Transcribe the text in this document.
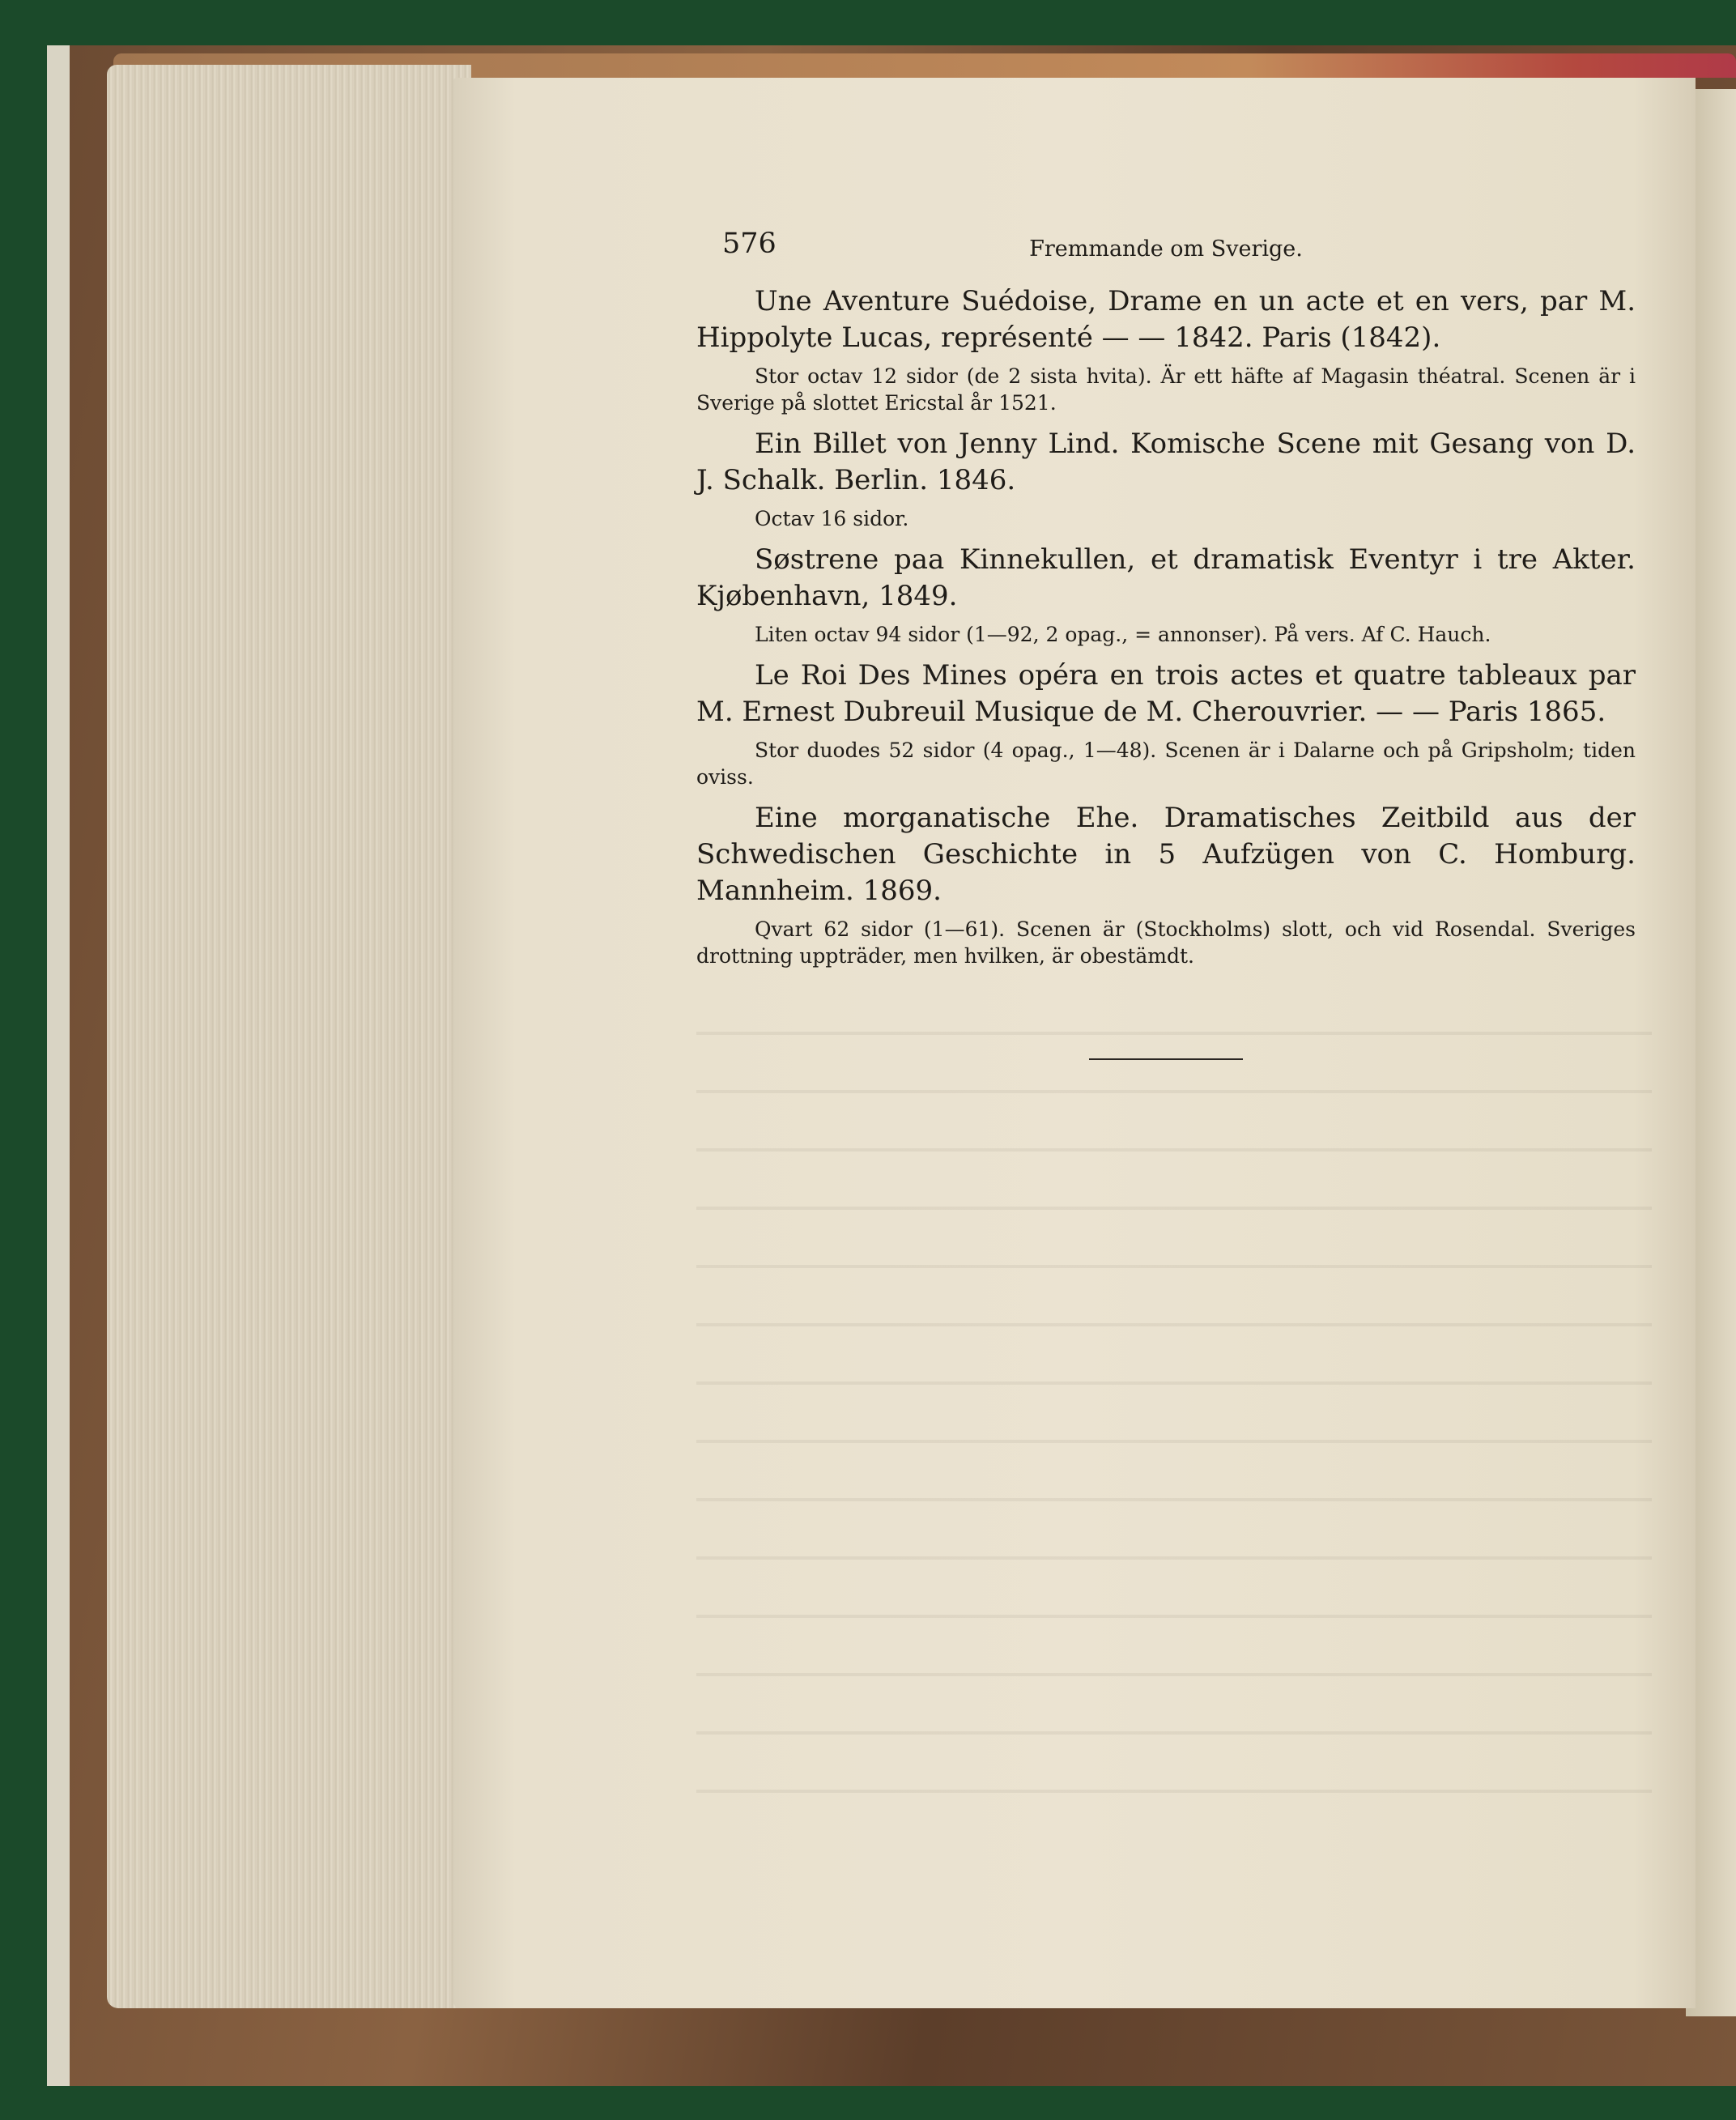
576	Fremmande om Sverige.
Une Aventure Suédoise, Drame en un acte et en vers, par M. Hippolyte Lucas, représenté — — 1842. Paris (1842).
Stor octav 12 sidor (de 2 sista hvita). Är ett häfte af Magasin théatral. Scenen är i Sverige på slottet Ericstal år 1521.
Ein Billet von Jenny Lind. Komische Scene mit Gesang von D. J. Schalk. Berlin. 1846.
Octav 16 sidor.
Søstrene paa Kinnekullen, et dramatisk Eventyr i tre Akter. Kjøbenhavn, 1849.
Liten octav 94 sidor (1—92, 2 opag., = annonser). På vers. Af C. Hauch.
Le Roi Des Mines opéra en trois actes et quatre tableaux par M. Ernest Dubreuil Musique de M. Cherouvrier. — — Paris 1865.
Stor duodes 52 sidor (4 opag., 1—48). Scenen är i Dalarne och på Gripsholm; tiden oviss.
Eine morganatische Ehe. Dramatisches Zeitbild aus der Schwedischen Geschichte in 5 Aufzügen von C. Homburg. Mannheim. 1869.
Qvart 62 sidor (1—61). Scenen är (Stockholms) slott, och vid Rosendal. Sveriges drottning uppträder, men hvilken, är obestämdt.
